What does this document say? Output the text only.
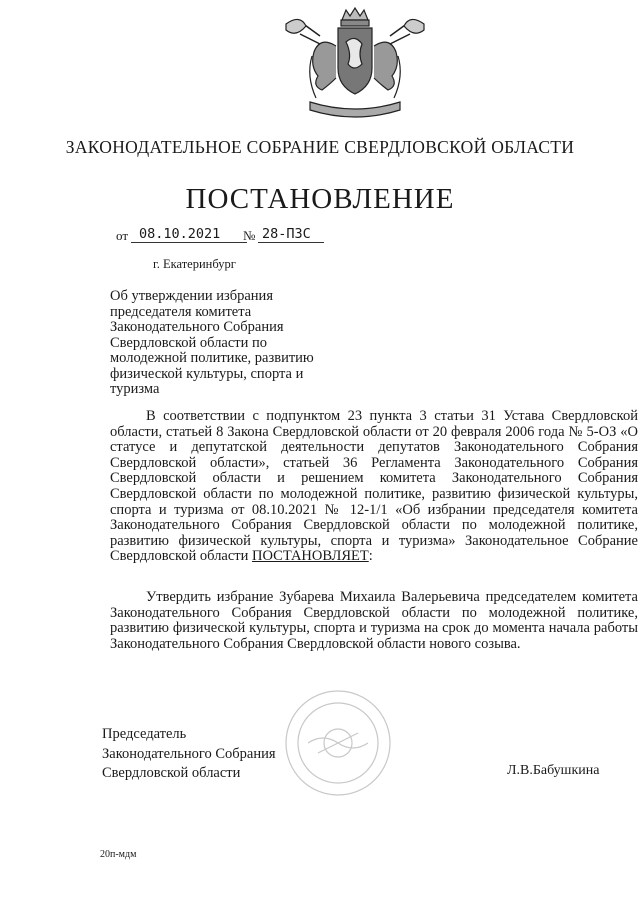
ЗАКОНОДАТЕЛЬНОЕ СОБРАНИЕ СВЕРДЛОВСКОЙ ОБЛАСТИ
ПОСТАНОВЛЕНИЕ
от 08.10.2021	№ 28-ПЗС
г. Екатеринбург
Об утверждении избрания председателя комитета Законодательного Собрания Свердловской области по молодежной политике, развитию физической культуры, спорта и туризма

В соответствии с подпунктом 23 пункта 3 статьи 31 Устава Свердловской области, статьей 8 Закона Свердловской области от 20 февраля 2006 года № 5-ОЗ «О статусе и депутатской деятельности депутатов Законодательного Собрания Свердловской области», статьей 36 Регламента Законодательного Собрания Свердловской области и решением комитета Законодательного Собрания Свердловской области по молодежной политике, развитию физической культуры, спорта и туризма от 08.10.2021 № 12-1/1 «Об избрании председателя комитета Законодательного Собрания Свердловской области по молодежной политике, развитию физической культуры, спорта и туризма» Законодательное Собрание Свердловской области ПОСТАНОВЛЯЕТ:

Утвердить избрание Зубарева Михаила Валерьевича председателем комитета Законодательного Собрания Свердловской области по молодежной политике, развитию физической культуры, спорта и туризма на срок до момента начала работы Законодательного Собрания Свердловской области нового созыва.

Председатель
Законодательного Собрания
Свердловской области	Л.В.Бабушкина
20п-мдм
